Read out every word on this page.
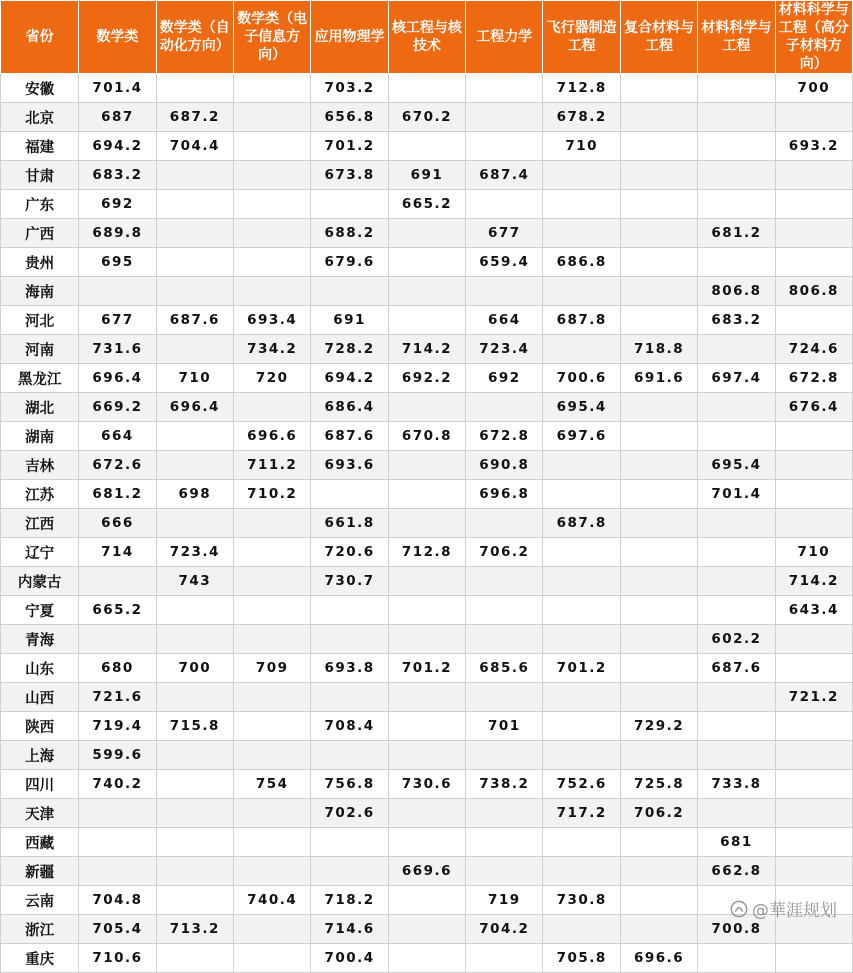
省份	数学类	数学类（自动化方向）	数学类（电子信息方向）	应用物理学	核工程与核技术	工程力学	飞行器制造工程	复合材料与工程	材料科学与工程	材料科学与工程（高分子材料方向）
安徽	701.4			703.2			712.8			700
北京	687	687.2		656.8	670.2		678.2			
福建	694.2	704.4		701.2			710			693.2
甘肃	683.2			673.8	691	687.4				
广东	692				665.2					
广西	689.8			688.2		677			681.2	
贵州	695			679.6		659.4	686.8			
海南									806.8	806.8
河北	677	687.6	693.4	691		664	687.8		683.2	
河南	731.6		734.2	728.2	714.2	723.4		718.8		724.6
黑龙江	696.4	710	720	694.2	692.2	692	700.6	691.6	697.4	672.8
湖北	669.2	696.4		686.4			695.4			676.4
湖南	664		696.6	687.6	670.8	672.8	697.6			
吉林	672.6		711.2	693.6		690.8			695.4	
江苏	681.2	698	710.2			696.8			701.4	
江西	666			661.8			687.8			
辽宁	714	723.4		720.6	712.8	706.2				710
内蒙古		743		730.7						714.2
宁夏	665.2									643.4
青海									602.2	
山东	680	700	709	693.8	701.2	685.6	701.2		687.6	
山西	721.6									721.2
陕西	719.4	715.8		708.4		701		729.2		
上海	599.6									
四川	740.2		754	756.8	730.6	738.2	752.6	725.8	733.8	
天津				702.6			717.2	706.2		
西藏									681	
新疆					669.6				662.8	
云南	704.8		740.4	718.2		719	730.8			
浙江	705.4	713.2		714.6		704.2			700.8	
重庆	710.6			700.4			705.8	696.6		
@華涯规划
